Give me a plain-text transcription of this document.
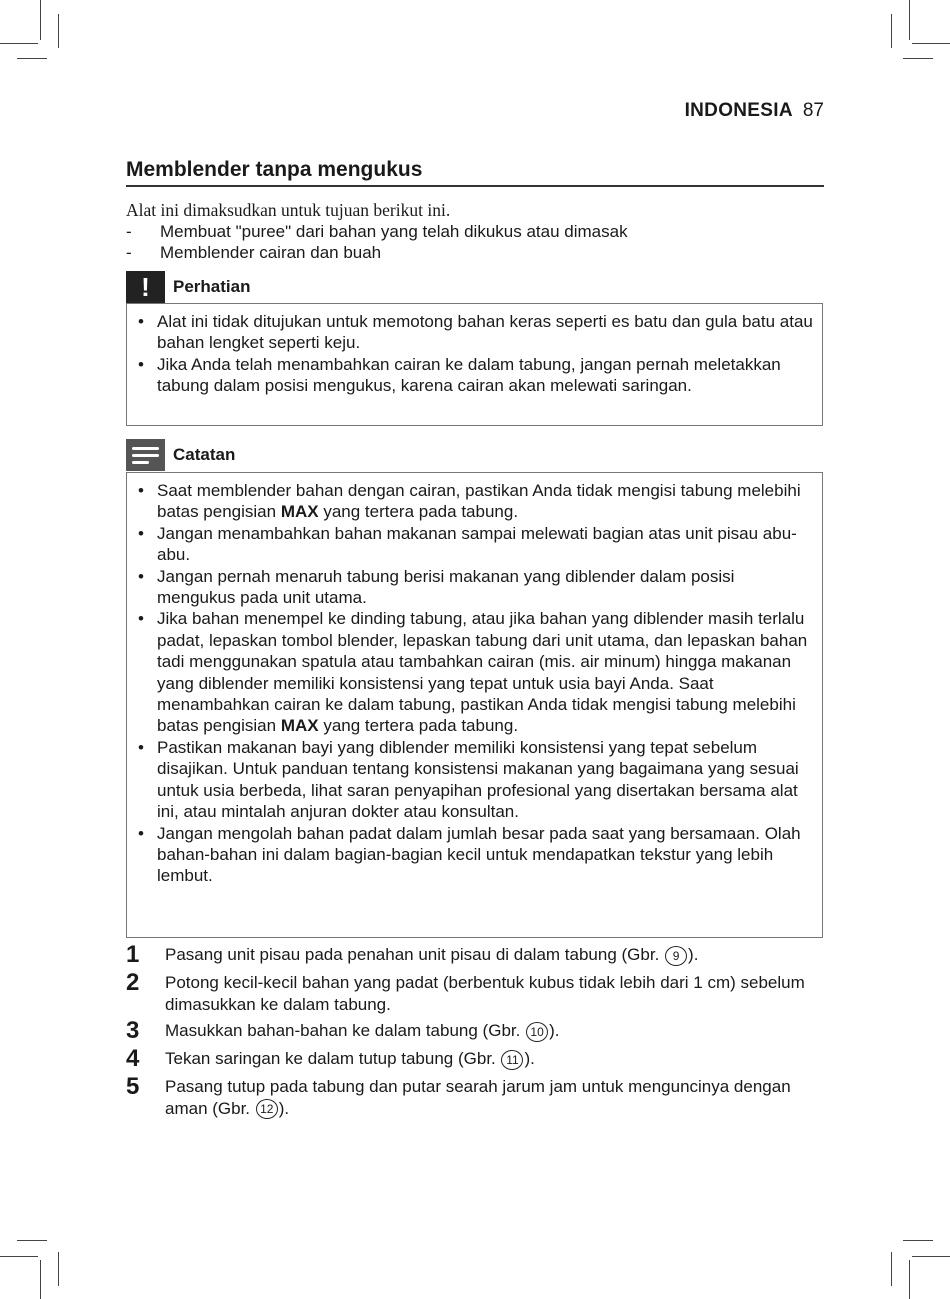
INDONESIA 87
Memblender tanpa mengukus
Alat ini dimaksudkan untuk tujuan berikut ini.
-	Membuat "puree" dari bahan yang telah dikukus atau dimasak
-	Memblender cairan dan buah
!	Perhatian
• Alat ini tidak ditujukan untuk memotong bahan keras seperti es batu dan gula batu atau bahan lengket seperti keju.
• Jika Anda telah menambahkan cairan ke dalam tabung, jangan pernah meletakkan tabung dalam posisi mengukus, karena cairan akan melewati saringan.
Catatan
• Saat memblender bahan dengan cairan, pastikan Anda tidak mengisi tabung melebihi batas pengisian MAX yang tertera pada tabung.
• Jangan menambahkan bahan makanan sampai melewati bagian atas unit pisau abu-abu.
• Jangan pernah menaruh tabung berisi makanan yang diblender dalam posisi mengukus pada unit utama.
• Jika bahan menempel ke dinding tabung, atau jika bahan yang diblender masih terlalu padat, lepaskan tombol blender, lepaskan tabung dari unit utama, dan lepaskan bahan tadi menggunakan spatula atau tambahkan cairan (mis. air minum) hingga makanan yang diblender memiliki konsistensi yang tepat untuk usia bayi Anda. Saat menambahkan cairan ke dalam tabung, pastikan Anda tidak mengisi tabung melebihi batas pengisian MAX yang tertera pada tabung.
• Pastikan makanan bayi yang diblender memiliki konsistensi yang tepat sebelum disajikan. Untuk panduan tentang konsistensi makanan yang bagaimana yang sesuai untuk usia berbeda, lihat saran penyapihan profesional yang disertakan bersama alat ini, atau mintalah anjuran dokter atau konsultan.
• Jangan mengolah bahan padat dalam jumlah besar pada saat yang bersamaan. Olah bahan-bahan ini dalam bagian-bagian kecil untuk mendapatkan tekstur yang lebih lembut.
1	Pasang unit pisau pada penahan unit pisau di dalam tabung (Gbr. 9 ).
2	Potong kecil-kecil bahan yang padat (berbentuk kubus tidak lebih dari 1 cm) sebelum dimasukkan ke dalam tabung.
3	Masukkan bahan-bahan ke dalam tabung (Gbr. 10 ).
4	Tekan saringan ke dalam tutup tabung (Gbr. 11 ).
5	Pasang tutup pada tabung dan putar searah jarum jam untuk menguncinya dengan aman (Gbr. 12 ).
